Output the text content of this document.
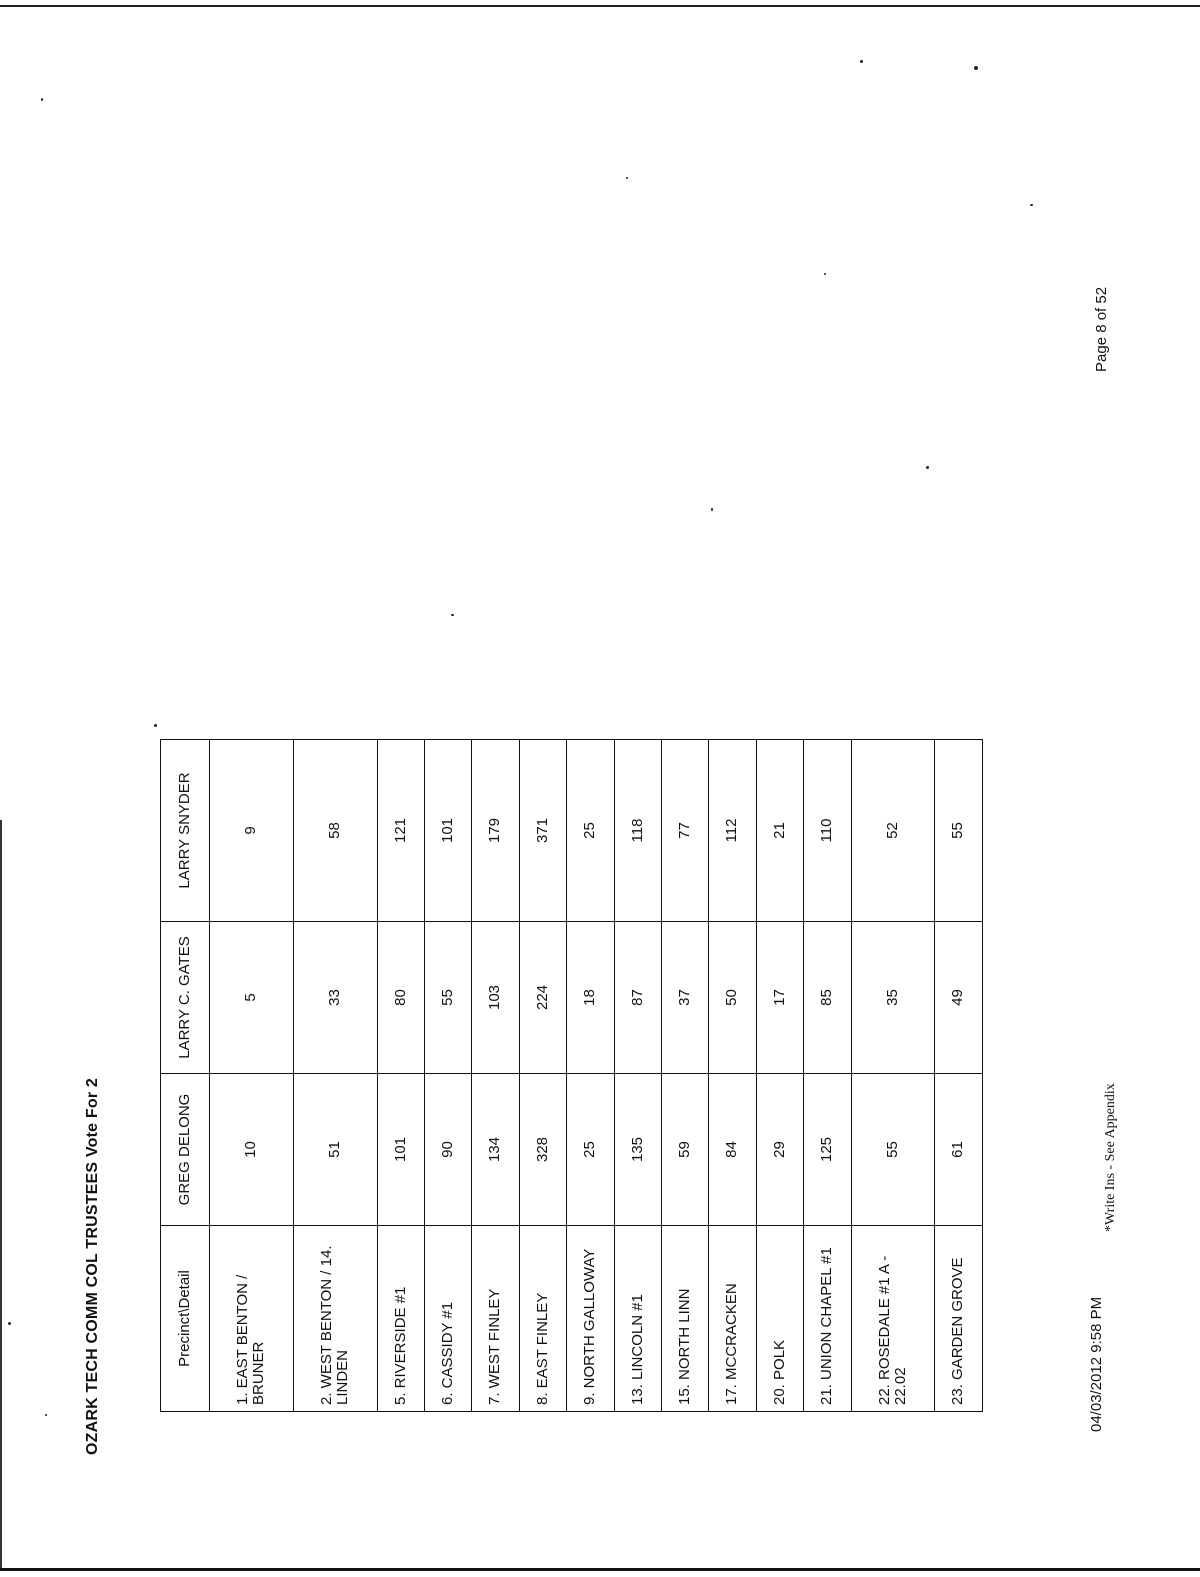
OZARK TECH COMM COL TRUSTEES Vote For 2	Precinct\Detail	GREG DELONG	LARRY C. GATES	LARRY SNYDER
1. EAST BENTON / BRUNER	10	5	9
2. WEST BENTON / 14. LINDEN	51	33	58
5. RIVERSIDE #1	101	80	121
6. CASSIDY #1	90	55	101
7. WEST FINLEY	134	103	179
8. EAST FINLEY	328	224	371
9. NORTH GALLOWAY	25	18	25
13. LINCOLN #1	135	87	118
15. NORTH LINN	59	37	77
17. MCCRACKEN	84	50	112
20. POLK	29	17	21
21. UNION CHAPEL #1	125	85	110
22. ROSEDALE #1 A - 22.02	55	35	52
23. GARDEN GROVE	61	49	55
04/03/2012 9:58 PM
*Write Ins - See Appendix
Page 8 of 52
